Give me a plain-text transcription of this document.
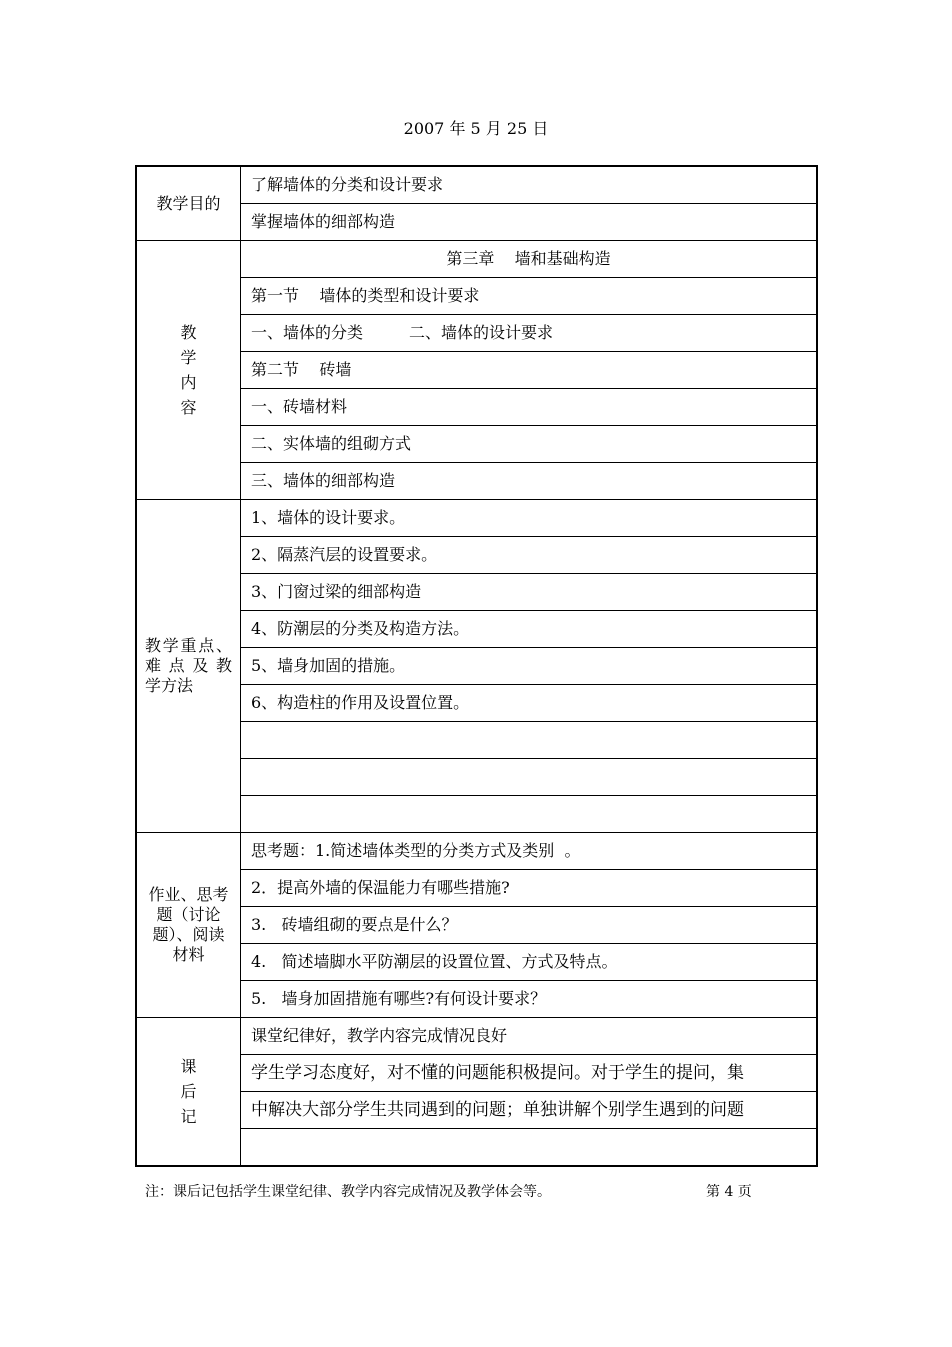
2007 年 5 月 25 日
教学目的	了解墙体的分类和设计要求
	掌握墙体的细部构造

教
学
内
容	第三章    墙和基础构造
	第一节    墙体的类型和设计要求
	一、墙体的分类 二、墙体的设计要求
	第二节    砖墙
	一、砖墙材料
	二、实体墙的组砌方式
	三、墙体的细部构造

教学重点、
难 点 及 教
学方法	1、墙体的设计要求。
	2、隔蒸汽层的设置要求。
	3、门窗过梁的细部构造
	4、防潮层的分类及构造方法。
	5、墙身加固的措施。
	6、构造柱的作用及设置位置。

作业、思考
题（讨论
题）、阅读
材料	思考题：1.简述墙体类型的分类方式及类别  。
	2．提高外墙的保温能力有哪些措施?
	3.   砖墙组砌的要点是什么？
	4.   简述墙脚水平防潮层的设置位置、方式及特点。
	5.   墙身加固措施有哪些?有何设计要求？

课
后
记	课堂纪律好，教学内容完成情况良好
	学生学习态度好，对不懂的问题能积极提问。对于学生的提问，集
	中解决大部分学生共同遇到的问题；单独讲解个别学生遇到的问题

注：课后记包括学生课堂纪律、教学内容完成情况及教学体会等。	第 4 页
